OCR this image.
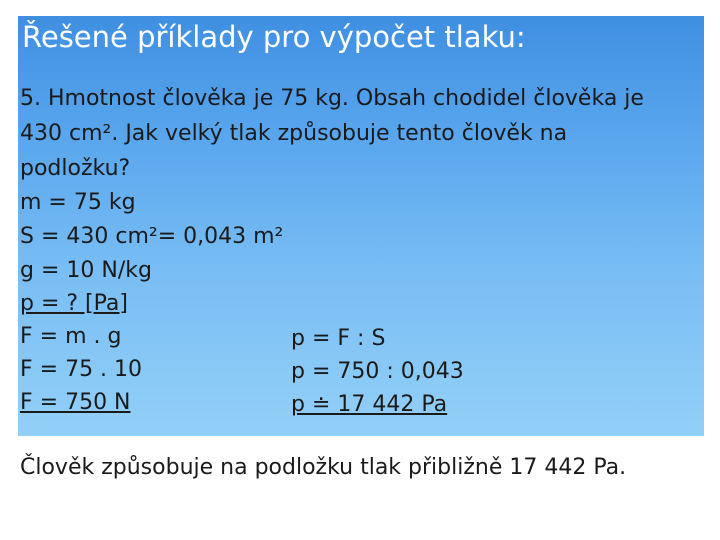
Řešené příklady pro výpočet tlaku:
5. Hmotnost člověka je 75 kg. Obsah chodidel člověka je
430 cm². Jak velký tlak způsobuje tento člověk na
podložku?
m = 75 kg
S = 430 cm²= 0,043 m²
g = 10 N/kg
p = ? [Pa]
F = m . g
F = 75 . 10
F = 750 N
p = F : S
p = 750 : 0,043
p ≐ 17 442 Pa
Člověk způsobuje na podložku tlak přibližně 17 442 Pa.
